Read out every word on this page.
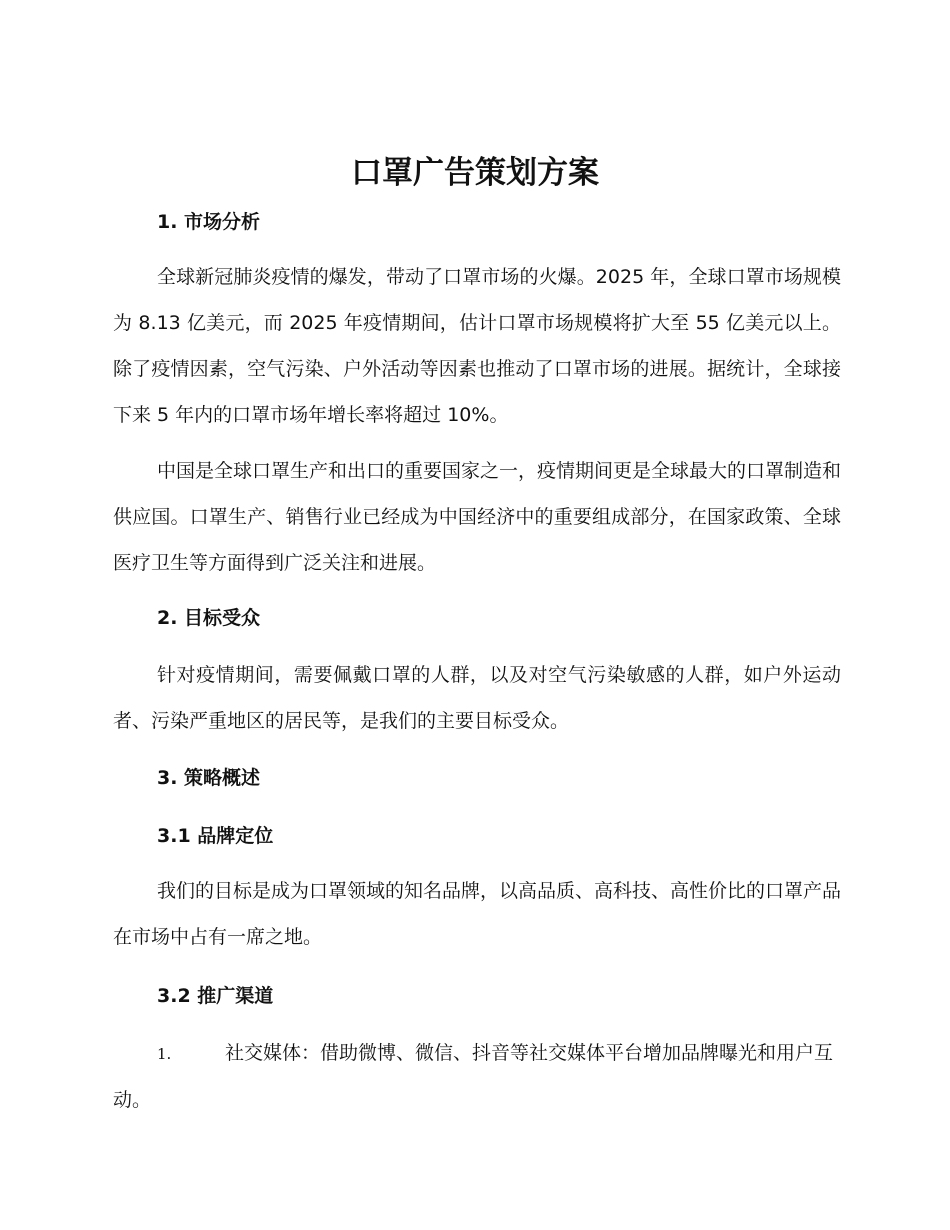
口罩广告策划方案
1. 市场分析

全球新冠肺炎疫情的爆发，带动了口罩市场的火爆。2025 年，全球口罩市场规模为 8.13 亿美元，而 2025 年疫情期间，估计口罩市场规模将扩大至 55 亿美元以上。除了疫情因素，空气污染、户外活动等因素也推动了口罩市场的进展。据统计，全球接下来 5 年内的口罩市场年增长率将超过 10%。

中国是全球口罩生产和出口的重要国家之一，疫情期间更是全球最大的口罩制造和供应国。口罩生产、销售行业已经成为中国经济中的重要组成部分，在国家政策、全球医疗卫生等方面得到广泛关注和进展。

2. 目标受众

针对疫情期间，需要佩戴口罩的人群，以及对空气污染敏感的人群，如户外运动者、污染严重地区的居民等，是我们的主要目标受众。

3. 策略概述
3.1 品牌定位

我们的目标是成为口罩领域的知名品牌，以高品质、高科技、高性价比的口罩产品在市场中占有一席之地。

3.2 推广渠道
1.	社交媒体：借助微博、微信、抖音等社交媒体平台增加品牌曝光和用户互动。
